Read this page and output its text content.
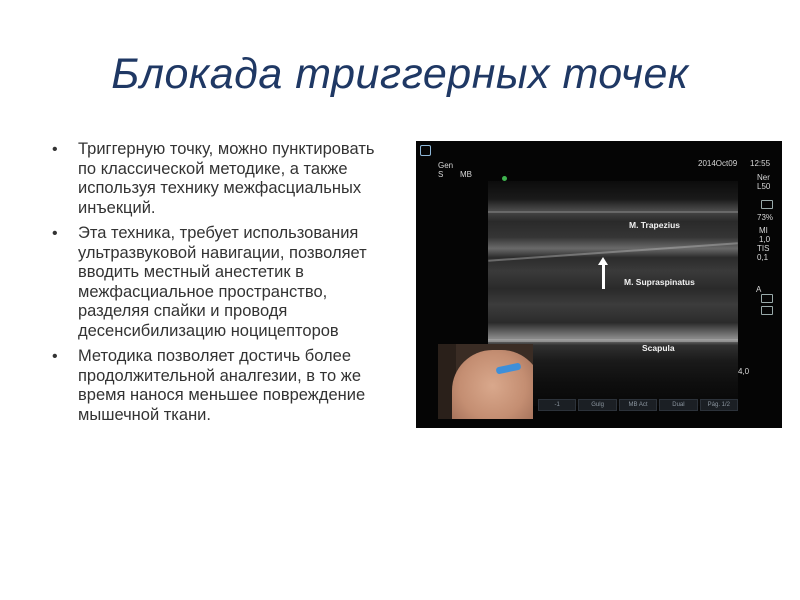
Блокада триггерных точек
• Триггерную точку, можно пунктировать по классической методике, а также используя технику межфасциальных инъекций.
• Эта техника, требует использования ультразвуковой навигации, позволяет вводить местный анестетик в межфасциальное пространство, разделяя спайки и проводя десенсибилизацию ноцицепторов
• Методика позволяет достичь более продолжительной аналгезии, в то же время нанося меньшее повреждение мышечной ткани.
Gen
S MB
2014Oct09 12:55
Ner
L50
73%
MI
1,0
TIS
0,1
A
M. Trapezius
M. Supraspinatus
Scapula
4,0
-1	Gulg	MB Act	Dual	Pág. 1/2
